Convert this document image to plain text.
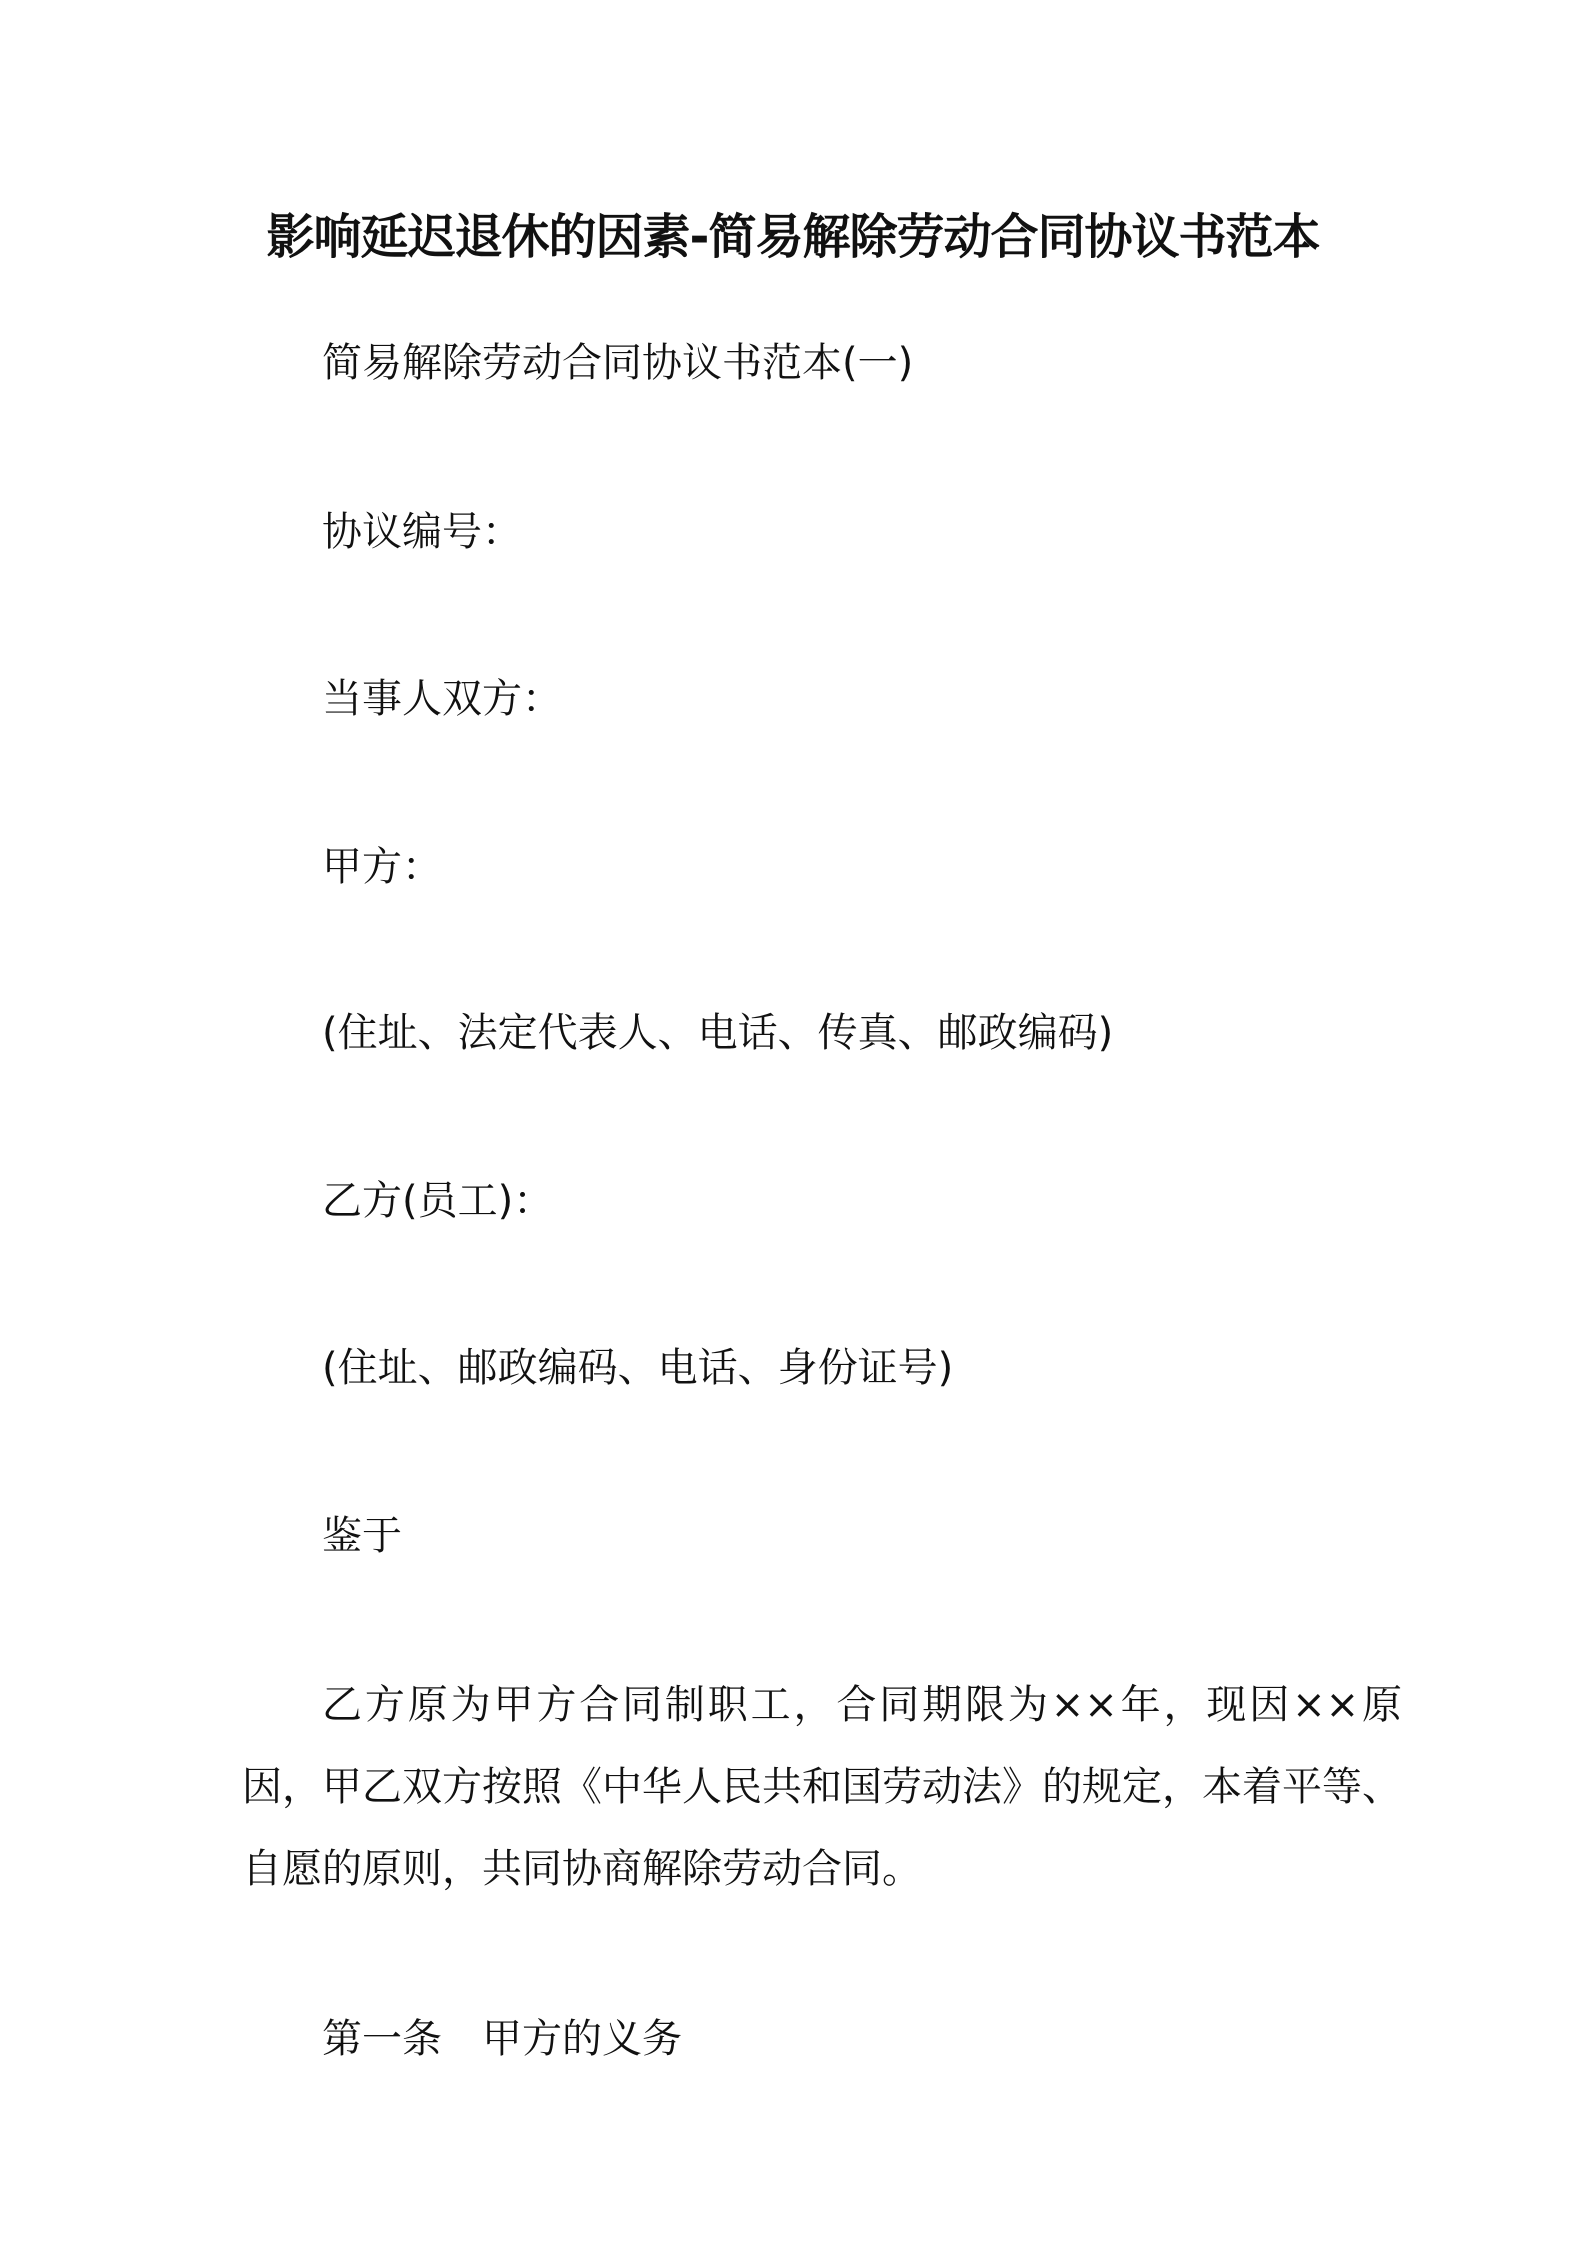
影响延迟退休的因素-简易解除劳动合同协议书范本
简易解除劳动合同协议书范本(一)
协议编号：
当事人双方：
甲方：
(住址、法定代表人、电话、传真、邮政编码)
乙方(员工)：
(住址、邮政编码、电话、身份证号)
鉴于

乙方原为甲方合同制职工，合同期限为××年，现因××原因，甲乙双方按照《中华人民共和国劳动法》的规定，本着平等、自愿的原则，共同协商解除劳动合同。

第一条 甲方的义务
